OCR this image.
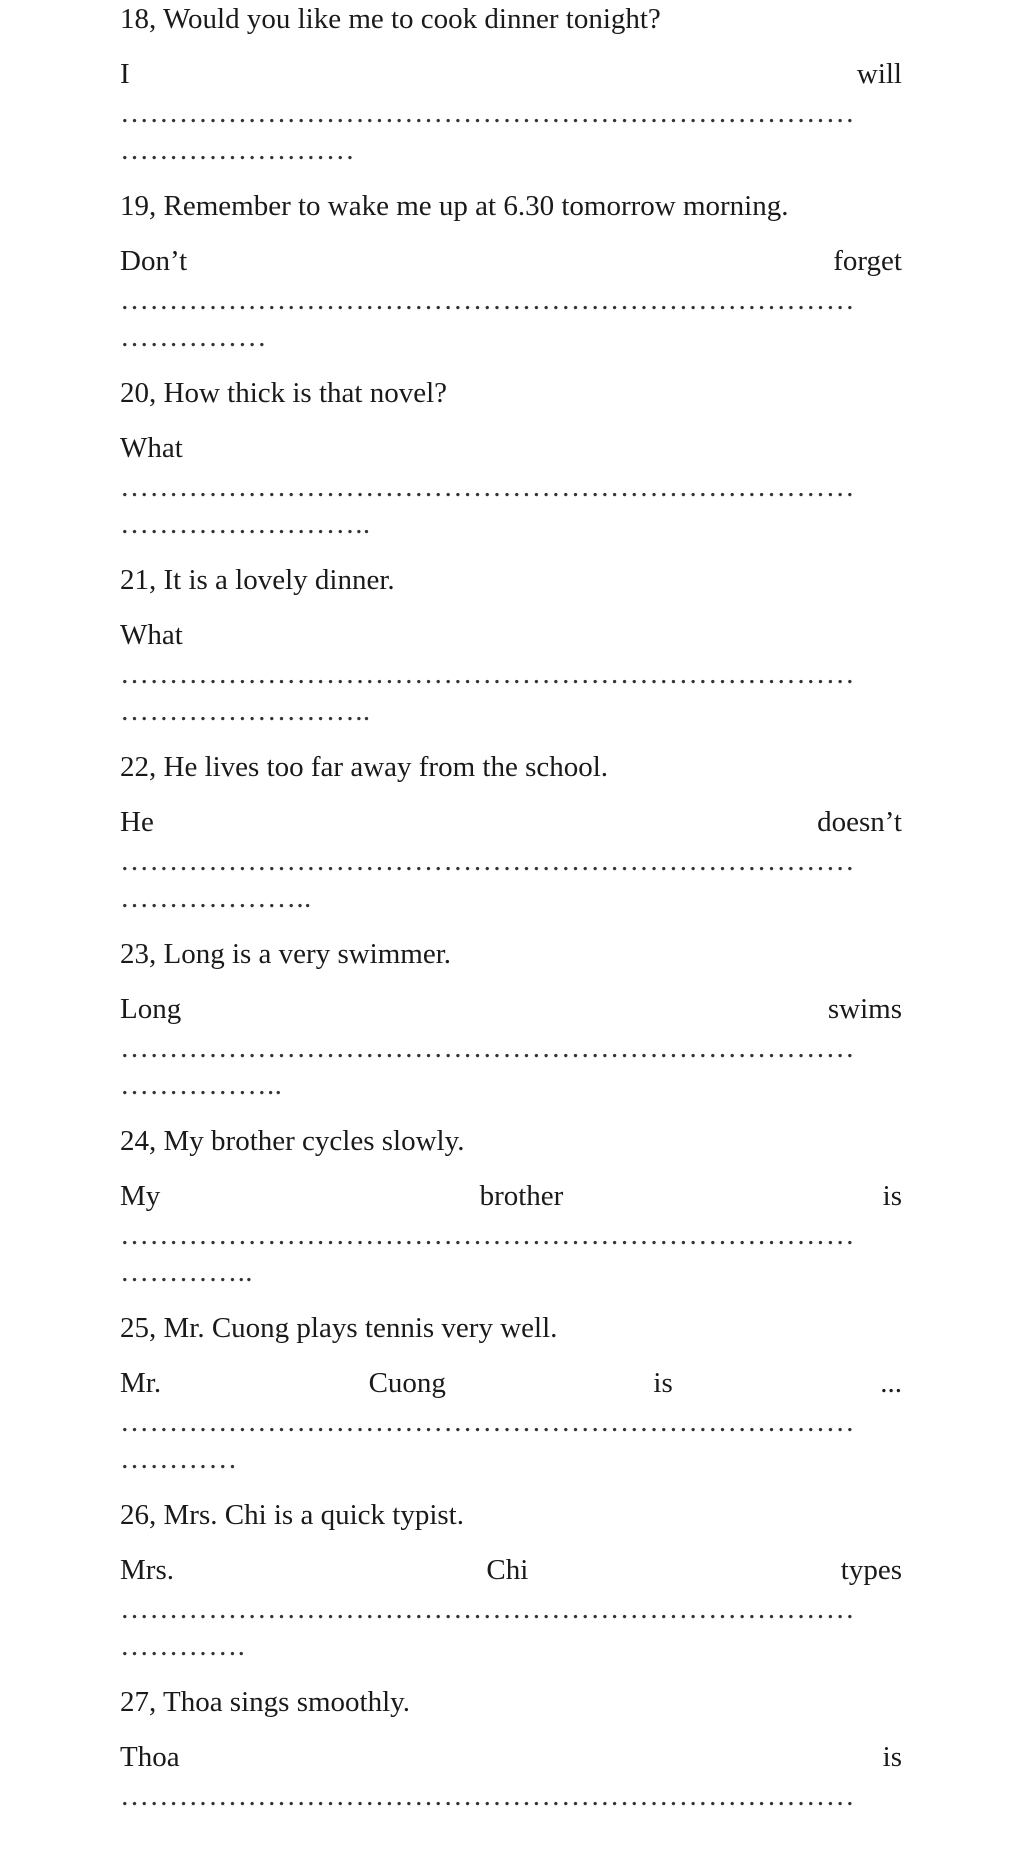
18, Would you like me to cook dinner tonight?
I	will
…………………………………………………………………
……………………
19, Remember to wake me up at 6.30 tomorrow morning.
Don’t	forget
…………………………………………………………………
……………
20, How thick is that novel?
What
…………………………………………………………………
……………………..
21, It is a lovely dinner.
What
…………………………………………………………………
……………………..
22, He lives too far away from the school.
He	doesn’t
…………………………………………………………………
………………..
23, Long is a very swimmer.
Long	swims
…………………………………………………………………
……………..
24, My brother cycles slowly.
My	brother	is
…………………………………………………………………
…………..
25, Mr. Cuong plays tennis very well.
Mr.	Cuong	is	...
…………………………………………………………………
…………
26, Mrs. Chi is a quick typist.
Mrs.	Chi	types
…………………………………………………………………
………….
27, Thoa sings smoothly.
Thoa	is
…………………………………………………………………
